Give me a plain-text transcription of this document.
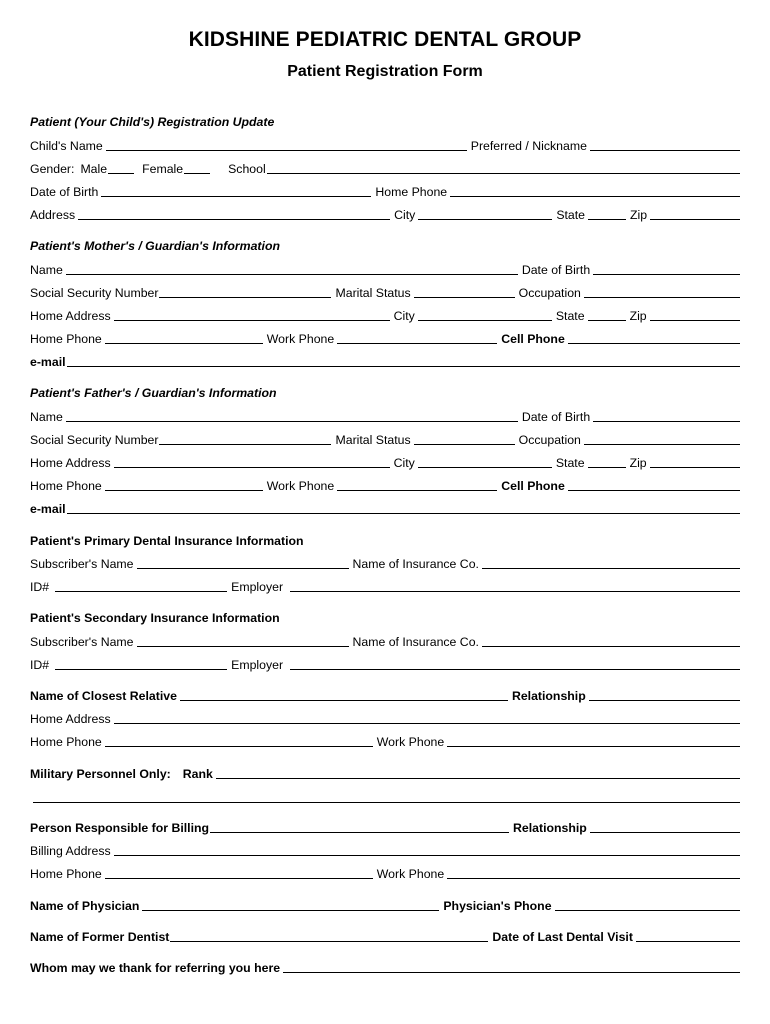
KIDSHINE PEDIATRIC DENTAL GROUP
Patient Registration Form
Patient (Your Child's) Registration Update
Child's Name	Preferred / Nickname
Gender: Male	Female	School
Date of Birth	Home Phone
Address	City	State	Zip
Patient's Mother's / Guardian's Information
Name	Date of Birth
Social Security Number	Marital Status	Occupation
Home Address	City	State	Zip
Home Phone	Work Phone	Cell Phone
e-mail
Patient's Father's / Guardian's Information
Name	Date of Birth
Social Security Number	Marital Status	Occupation
Home Address	City	State	Zip
Home Phone	Work Phone	Cell Phone
e-mail
Patient's Primary Dental Insurance Information
Subscriber's Name	Name of Insurance Co.
ID#	Employer
Patient's Secondary Insurance Information
Subscriber's Name	Name of Insurance Co.
ID#	Employer
Name of Closest Relative	Relationship
Home Address
Home Phone	Work Phone
Military Personnel Only: Rank
Person Responsible for Billing	Relationship
Billing Address
Home Phone	Work Phone
Name of Physician	Physician's Phone
Name of Former Dentist	Date of Last Dental Visit
Whom may we thank for referring you here
